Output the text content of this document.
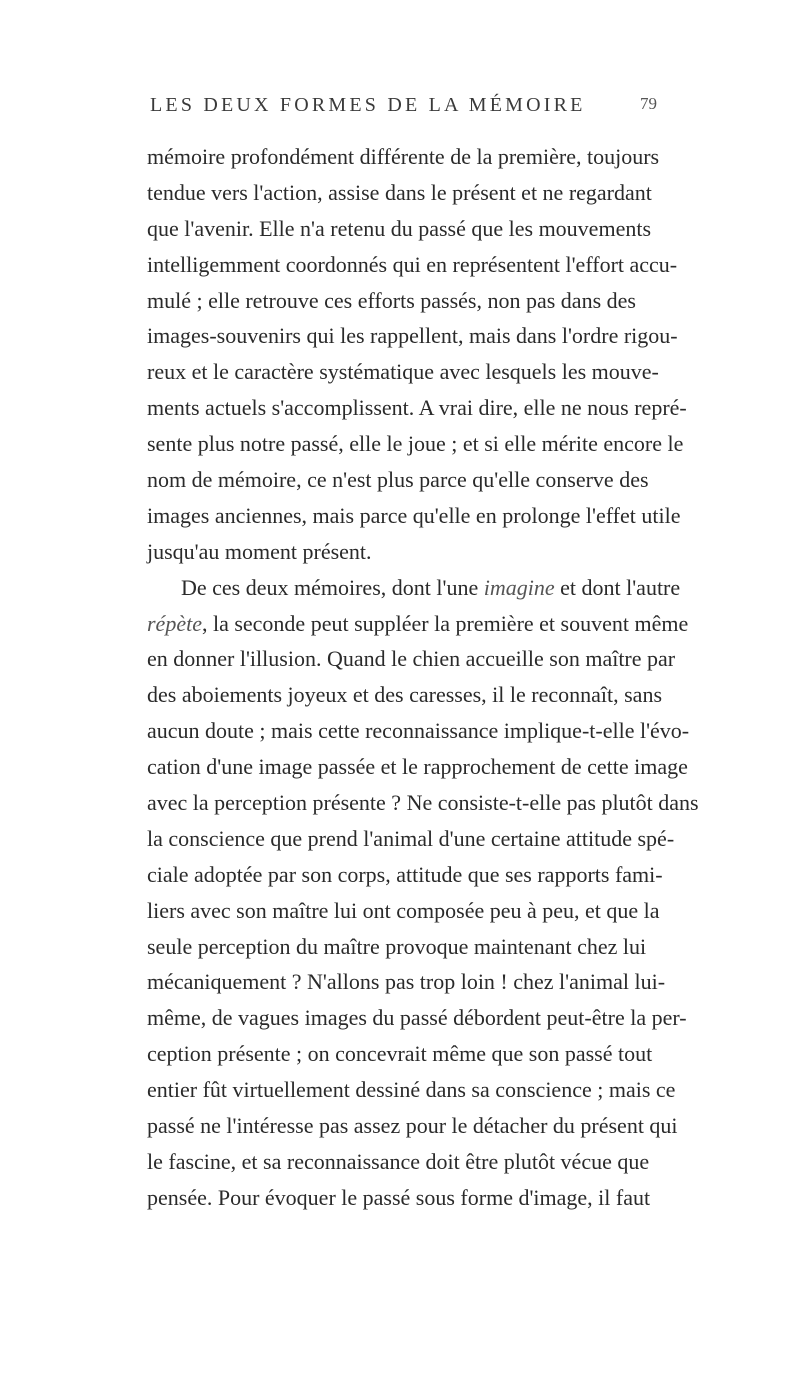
LES DEUX FORMES DE LA MÉMOIRE	79
mémoire profondément différente de la première, toujours
tendue vers l'action, assise dans le présent et ne regardant
que l'avenir. Elle n'a retenu du passé que les mouvements
intelligemment coordonnés qui en représentent l'effort accu-
mulé ; elle retrouve ces efforts passés, non pas dans des
images-souvenirs qui les rappellent, mais dans l'ordre rigou-
reux et le caractère systématique avec lesquels les mouve-
ments actuels s'accomplissent. A vrai dire, elle ne nous repré-
sente plus notre passé, elle le joue ; et si elle mérite encore le
nom de mémoire, ce n'est plus parce qu'elle conserve des
images anciennes, mais parce qu'elle en prolonge l'effet utile
jusqu'au moment présent.
De ces deux mémoires, dont l'une imagine et dont l'autre
répète, la seconde peut suppléer la première et souvent même
en donner l'illusion. Quand le chien accueille son maître par
des aboiements joyeux et des caresses, il le reconnaît, sans
aucun doute ; mais cette reconnaissance implique-t-elle l'évo-
cation d'une image passée et le rapprochement de cette image
avec la perception présente ? Ne consiste-t-elle pas plutôt dans
la conscience que prend l'animal d'une certaine attitude spé-
ciale adoptée par son corps, attitude que ses rapports fami-
liers avec son maître lui ont composée peu à peu, et que la
seule perception du maître provoque maintenant chez lui
mécaniquement ? N'allons pas trop loin ! chez l'animal lui-
même, de vagues images du passé débordent peut-être la per-
ception présente ; on concevrait même que son passé tout
entier fût virtuellement dessiné dans sa conscience ; mais ce
passé ne l'intéresse pas assez pour le détacher du présent qui
le fascine, et sa reconnaissance doit être plutôt vécue que
pensée. Pour évoquer le passé sous forme d'image, il faut
